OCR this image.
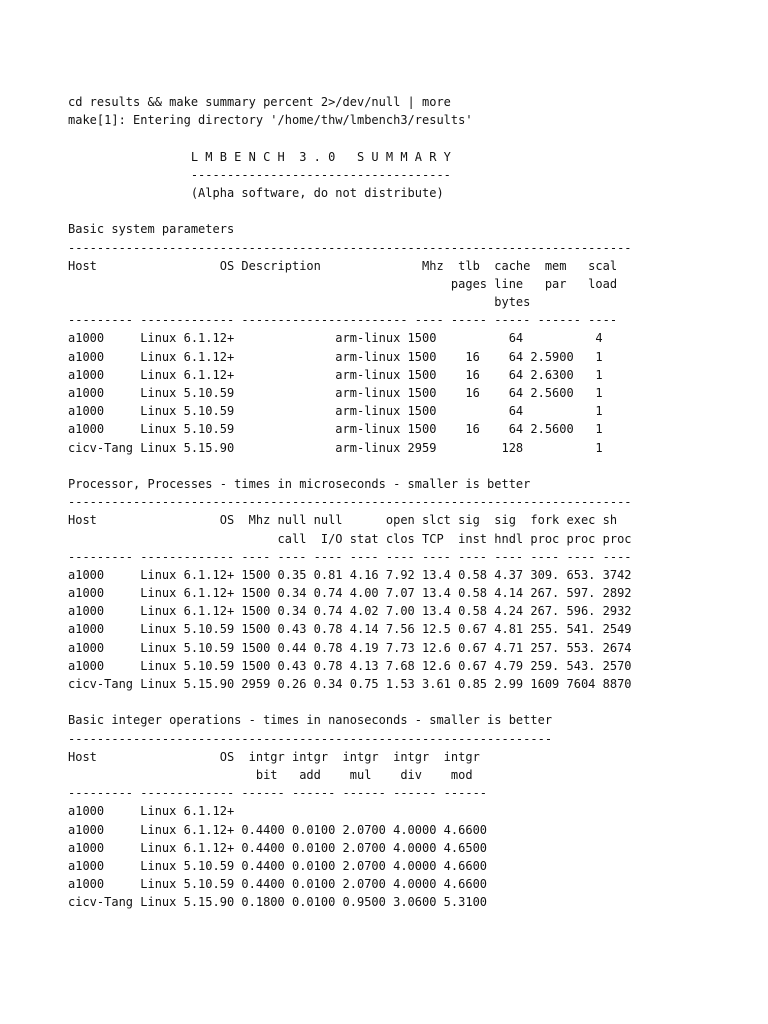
cd results && make summary percent 2>/dev/null | more
make[1]: Entering directory '/home/thw/lmbench3/results'
L M B E N C H  3 . 0   S U M M A R Y
------------------------------------
(Alpha software, do not distribute)
Basic system parameters
------------------------------------------------------------------------------
Host                 OS Description              Mhz  tlb  cache  mem   scal
pages line   par   load
bytes
--------- ------------- ----------------------- ---- ----- ----- ------ ----
a1000     Linux 6.1.12+              arm-linux 1500          64          4
a1000     Linux 6.1.12+              arm-linux 1500    16    64 2.5900   1
a1000     Linux 6.1.12+              arm-linux 1500    16    64 2.6300   1
a1000     Linux 5.10.59              arm-linux 1500    16    64 2.5600   1
a1000     Linux 5.10.59              arm-linux 1500          64          1
a1000     Linux 5.10.59              arm-linux 1500    16    64 2.5600   1
cicv-Tang Linux 5.15.90              arm-linux 2959         128          1
Processor, Processes - times in microseconds - smaller is better
------------------------------------------------------------------------------
Host                 OS  Mhz null null      open slct sig  sig  fork exec sh
call  I/O stat clos TCP  inst hndl proc proc proc
--------- ------------- ---- ---- ---- ---- ---- ---- ---- ---- ---- ---- ----
a1000     Linux 6.1.12+ 1500 0.35 0.81 4.16 7.92 13.4 0.58 4.37 309. 653. 3742
a1000     Linux 6.1.12+ 1500 0.34 0.74 4.00 7.07 13.4 0.58 4.14 267. 597. 2892
a1000     Linux 6.1.12+ 1500 0.34 0.74 4.02 7.00 13.4 0.58 4.24 267. 596. 2932
a1000     Linux 5.10.59 1500 0.43 0.78 4.14 7.56 12.5 0.67 4.81 255. 541. 2549
a1000     Linux 5.10.59 1500 0.44 0.78 4.19 7.73 12.6 0.67 4.71 257. 553. 2674
a1000     Linux 5.10.59 1500 0.43 0.78 4.13 7.68 12.6 0.67 4.79 259. 543. 2570
cicv-Tang Linux 5.15.90 2959 0.26 0.34 0.75 1.53 3.61 0.85 2.99 1609 7604 8870
Basic integer operations - times in nanoseconds - smaller is better
-------------------------------------------------------------------
Host                 OS  intgr intgr  intgr  intgr  intgr
bit   add    mul    div    mod
--------- ------------- ------ ------ ------ ------ ------
a1000     Linux 6.1.12+
a1000     Linux 6.1.12+ 0.4400 0.0100 2.0700 4.0000 4.6600
a1000     Linux 6.1.12+ 0.4400 0.0100 2.0700 4.0000 4.6500
a1000     Linux 5.10.59 0.4400 0.0100 2.0700 4.0000 4.6600
a1000     Linux 5.10.59 0.4400 0.0100 2.0700 4.0000 4.6600
cicv-Tang Linux 5.15.90 0.1800 0.0100 0.9500 3.0600 5.3100
